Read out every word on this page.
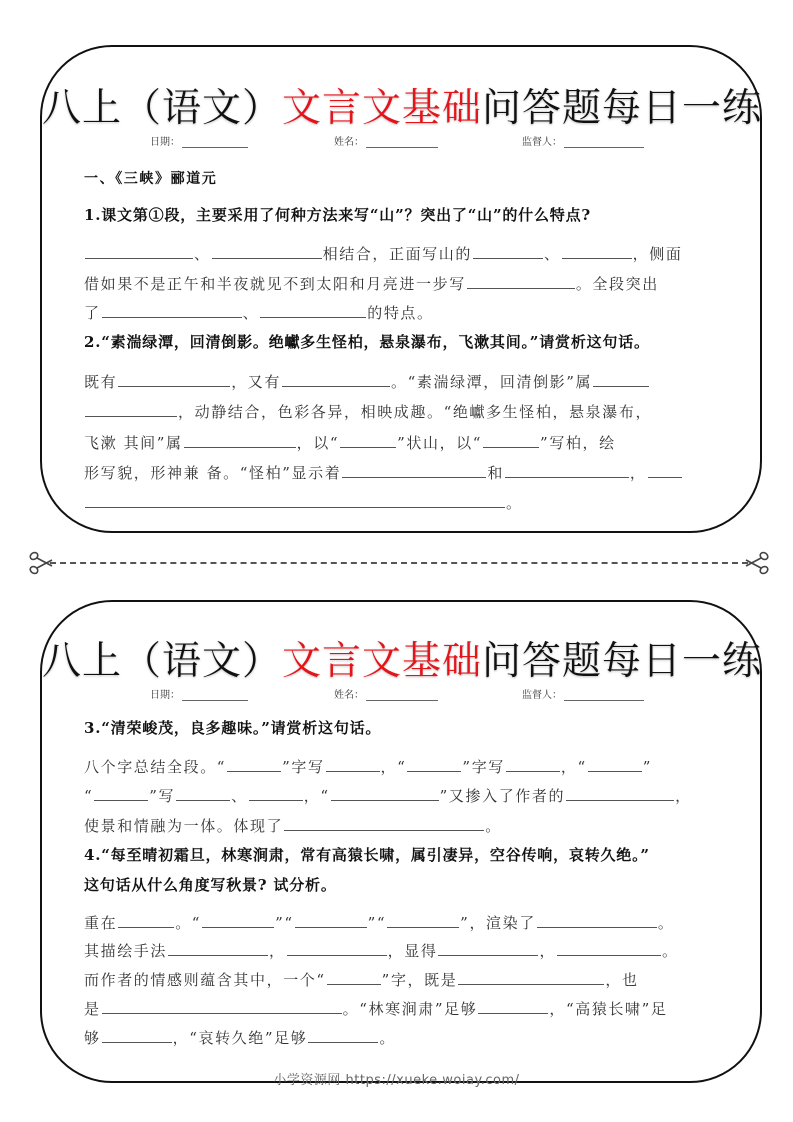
八上（语文）文言文基础问答题每日一练
日期：	姓名：	监督人：
一、《三峡》郦道元
1.课文第①段，主要采用了何种方法来写“山”？突出了“山”的什么特点?
、	相结合，正面写山的	、	，侧面
借如果不是正午和半夜就见不到太阳和月亮进一步写	。全段突出
了	、	的特点。
2.“素湍绿潭，回清倒影。绝巘多生怪柏，悬泉瀑布，飞漱其间。”请赏析这句话。
既有	，又有	。“素湍绿潭，回清倒影”属
，动静结合，色彩各异，相映成趣。“绝巘多生怪柏，悬泉瀑布，
飞漱 其间”属	，以“	”状山，以“	”写柏，绘
形写貌，形神兼 备。“怪柏”显示着	和	，
。
八上（语文）文言文基础问答题每日一练
日期：	姓名：	监督人：
3.“清荣峻茂，良多趣味。”请赏析这句话。
八个字总结全段。“	”字写	，“	”字写	，“	”
“	”写	、	，“	”又掺入了作者的	，
使景和情融为一体。体现了	。
4.“每至晴初霜旦，林寒涧肃，常有高猿长啸，属引凄异，空谷传响，哀转久绝。”
这句话从什么角度写秋景? 试分析。
重在	。“	”“	”“	”，渲染了	。
其描绘手法	，	，显得	，	。
而作者的情感则蕴含其中，一个“	”字，既是	，也
是	。“林寒涧肃”足够	，“高猿长啸”足
够	，“哀转久绝”足够	。
小学资源网 https://xueke.woiay.com/
